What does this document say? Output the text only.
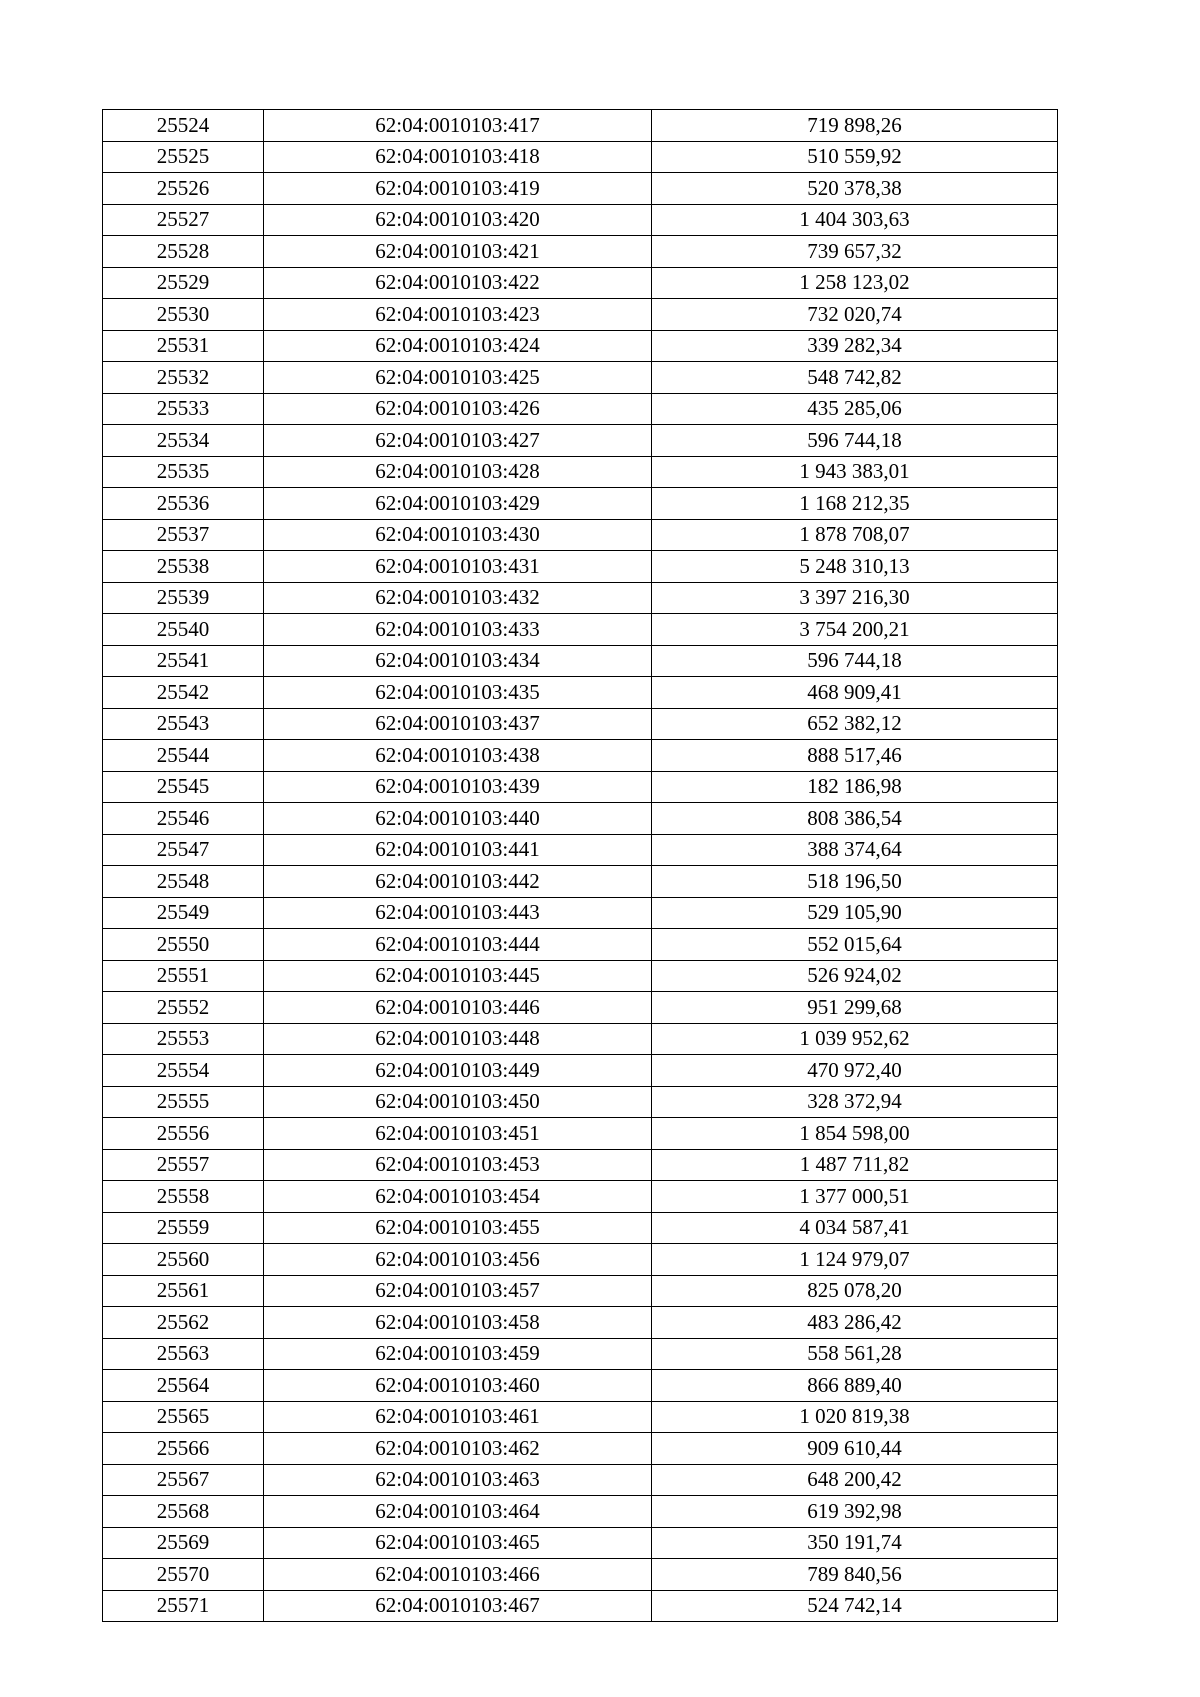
25524	62:04:0010103:417	719 898,26
25525	62:04:0010103:418	510 559,92
25526	62:04:0010103:419	520 378,38
25527	62:04:0010103:420	1 404 303,63
25528	62:04:0010103:421	739 657,32
25529	62:04:0010103:422	1 258 123,02
25530	62:04:0010103:423	732 020,74
25531	62:04:0010103:424	339 282,34
25532	62:04:0010103:425	548 742,82
25533	62:04:0010103:426	435 285,06
25534	62:04:0010103:427	596 744,18
25535	62:04:0010103:428	1 943 383,01
25536	62:04:0010103:429	1 168 212,35
25537	62:04:0010103:430	1 878 708,07
25538	62:04:0010103:431	5 248 310,13
25539	62:04:0010103:432	3 397 216,30
25540	62:04:0010103:433	3 754 200,21
25541	62:04:0010103:434	596 744,18
25542	62:04:0010103:435	468 909,41
25543	62:04:0010103:437	652 382,12
25544	62:04:0010103:438	888 517,46
25545	62:04:0010103:439	182 186,98
25546	62:04:0010103:440	808 386,54
25547	62:04:0010103:441	388 374,64
25548	62:04:0010103:442	518 196,50
25549	62:04:0010103:443	529 105,90
25550	62:04:0010103:444	552 015,64
25551	62:04:0010103:445	526 924,02
25552	62:04:0010103:446	951 299,68
25553	62:04:0010103:448	1 039 952,62
25554	62:04:0010103:449	470 972,40
25555	62:04:0010103:450	328 372,94
25556	62:04:0010103:451	1 854 598,00
25557	62:04:0010103:453	1 487 711,82
25558	62:04:0010103:454	1 377 000,51
25559	62:04:0010103:455	4 034 587,41
25560	62:04:0010103:456	1 124 979,07
25561	62:04:0010103:457	825 078,20
25562	62:04:0010103:458	483 286,42
25563	62:04:0010103:459	558 561,28
25564	62:04:0010103:460	866 889,40
25565	62:04:0010103:461	1 020 819,38
25566	62:04:0010103:462	909 610,44
25567	62:04:0010103:463	648 200,42
25568	62:04:0010103:464	619 392,98
25569	62:04:0010103:465	350 191,74
25570	62:04:0010103:466	789 840,56
25571	62:04:0010103:467	524 742,14
